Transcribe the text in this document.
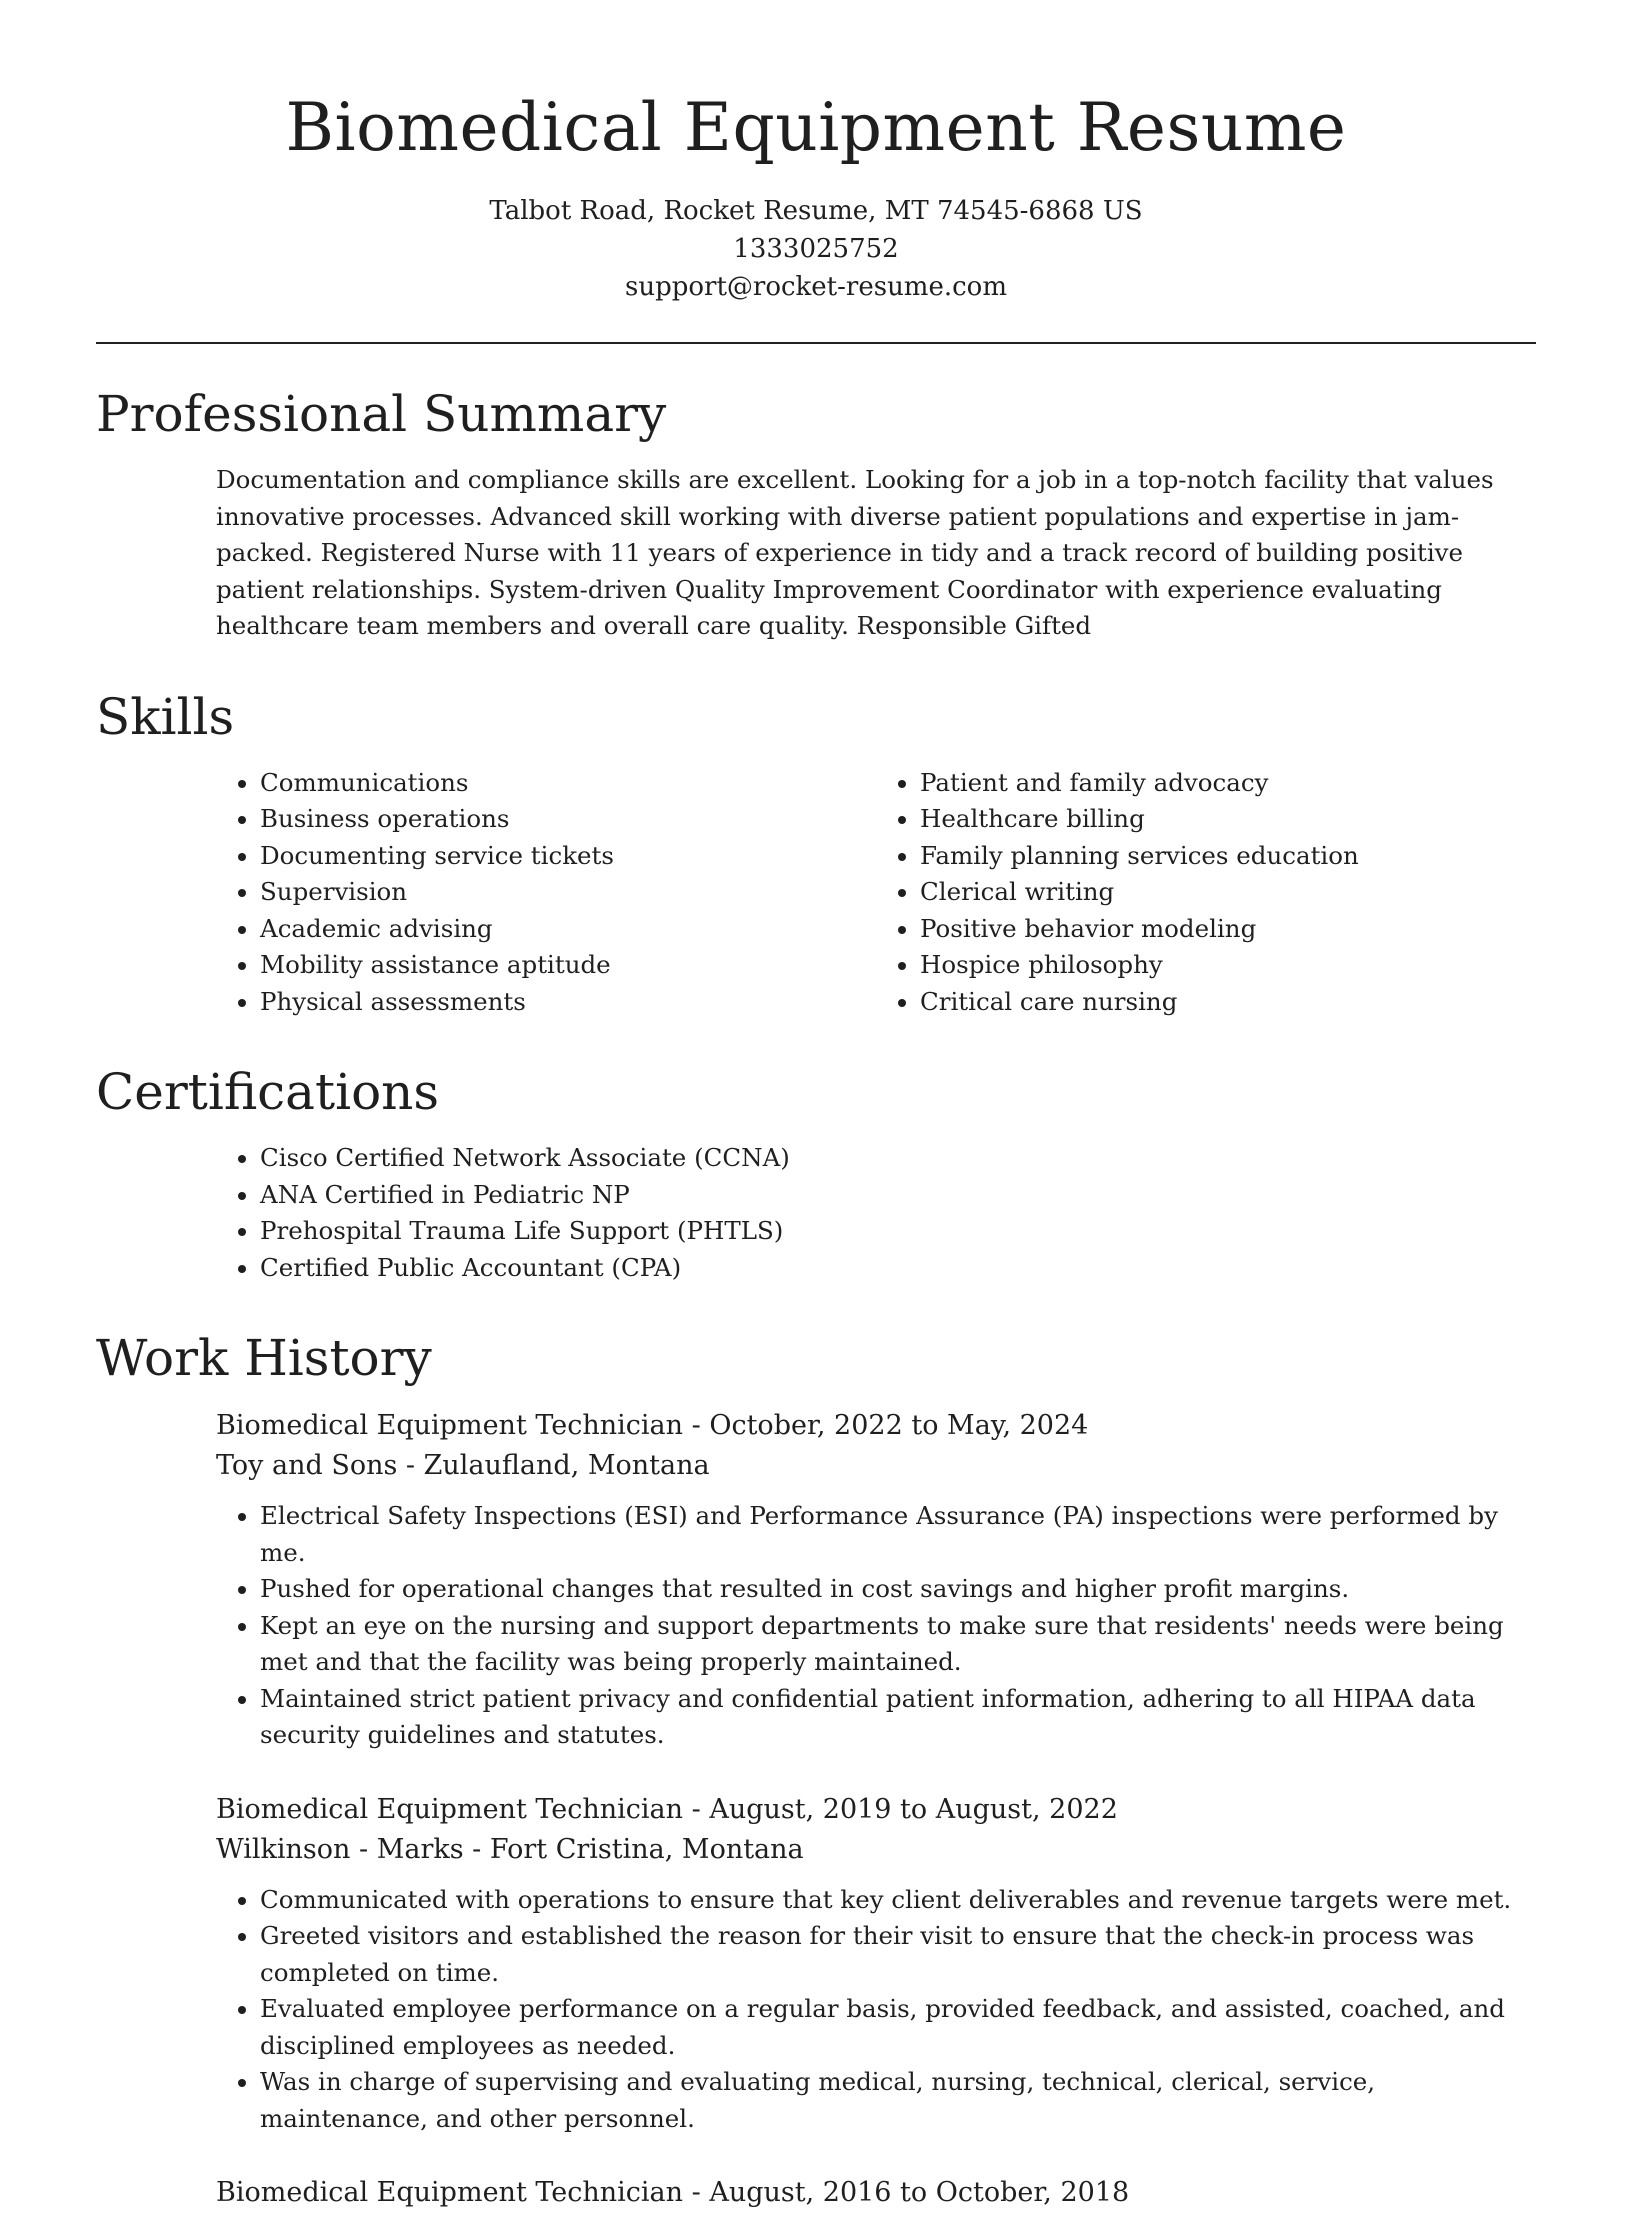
Biomedical Equipment Resume
Talbot Road, Rocket Resume, MT 74545-6868 US
1333025752
support@rocket-resume.com
Professional Summary
Documentation and compliance skills are excellent. Looking for a job in a top-notch facility that values innovative processes. Advanced skill working with diverse patient populations and expertise in jam-packed. Registered Nurse with 11 years of experience in tidy and a track record of building positive patient relationships. System-driven Quality Improvement Coordinator with experience evaluating healthcare team members and overall care quality. Responsible Gifted
Skills
• Communications
• Business operations
• Documenting service tickets
• Supervision
• Academic advising
• Mobility assistance aptitude
• Physical assessments
• Patient and family advocacy
• Healthcare billing
• Family planning services education
• Clerical writing
• Positive behavior modeling
• Hospice philosophy
• Critical care nursing
Certifications
• Cisco Certified Network Associate (CCNA)
• ANA Certified in Pediatric NP
• Prehospital Trauma Life Support (PHTLS)
• Certified Public Accountant (CPA)
Work History
Biomedical Equipment Technician - October, 2022 to May, 2024
Toy and Sons - Zulaufland, Montana
• Electrical Safety Inspections (ESI) and Performance Assurance (PA) inspections were performed by me.
• Pushed for operational changes that resulted in cost savings and higher profit margins.
• Kept an eye on the nursing and support departments to make sure that residents' needs were being met and that the facility was being properly maintained.
• Maintained strict patient privacy and confidential patient information, adhering to all HIPAA data security guidelines and statutes.
Biomedical Equipment Technician - August, 2019 to August, 2022
Wilkinson - Marks - Fort Cristina, Montana
• Communicated with operations to ensure that key client deliverables and revenue targets were met.
• Greeted visitors and established the reason for their visit to ensure that the check-in process was completed on time.
• Evaluated employee performance on a regular basis, provided feedback, and assisted, coached, and disciplined employees as needed.
• Was in charge of supervising and evaluating medical, nursing, technical, clerical, service, maintenance, and other personnel.
Biomedical Equipment Technician - August, 2016 to October, 2018
